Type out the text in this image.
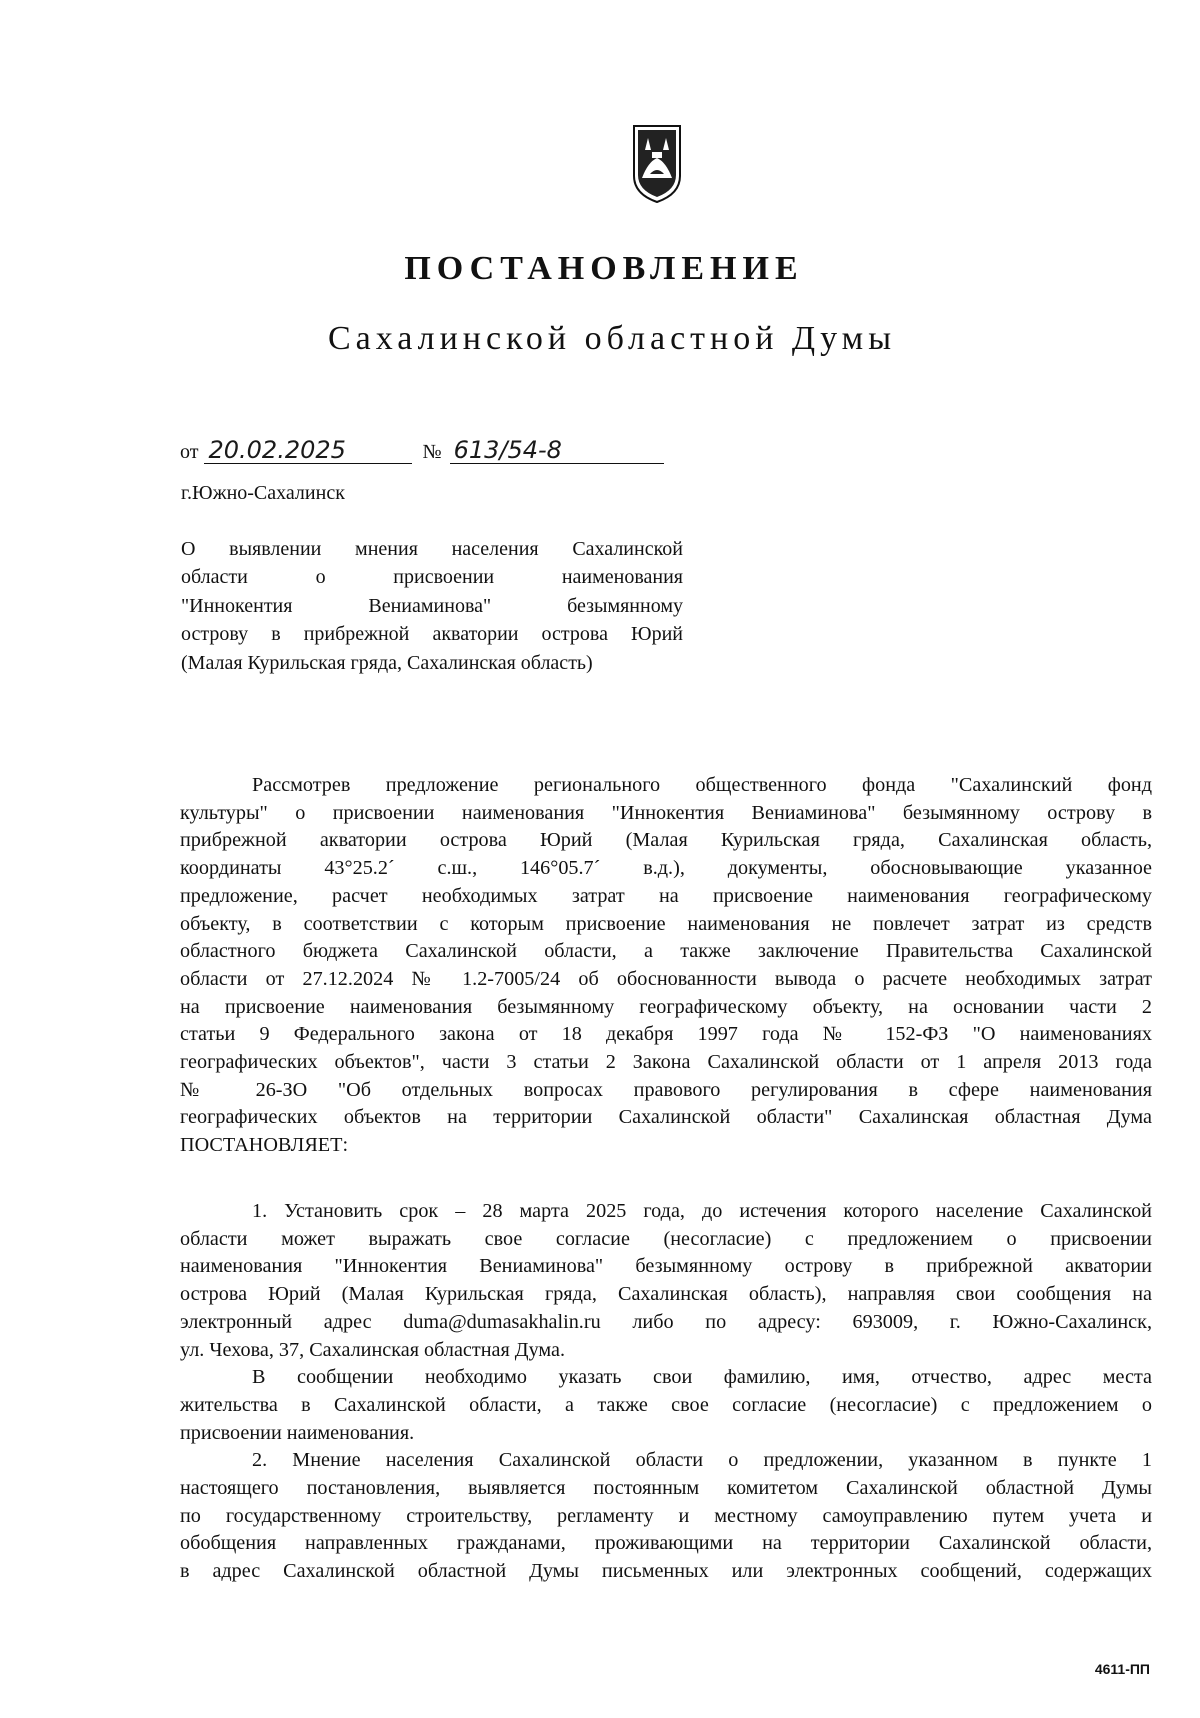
ПОСТАНОВЛЕНИЕ
Сахалинской областной Думы
от 20.02.2025	№ 613/54-8
г.Южно-Сахалинск
О выявлении мнения населения Сахалинской
области о присвоении наименования
"Иннокентия Вениаминова" безымянному
острову в прибрежной акватории острова Юрий
(Малая Курильская гряда, Сахалинская область)
Рассмотрев предложение регионального общественного фонда "Сахалинский фонд
культуры" о присвоении наименования "Иннокентия Вениаминова" безымянному острову в
прибрежной акватории острова Юрий (Малая Курильская гряда, Сахалинская область,
координаты 43°25.2´ с.ш., 146°05.7´ в.д.), документы, обосновывающие указанное
предложение, расчет необходимых затрат на присвоение наименования географическому
объекту, в соответствии с которым присвоение наименования не повлечет затрат из средств
областного бюджета Сахалинской области, а также заключение Правительства Сахалинской
области от 27.12.2024 № 1.2-7005/24 об обоснованности вывода о расчете необходимых затрат
на присвоение наименования безымянному географическому объекту, на основании части 2
статьи 9 Федерального закона от 18 декабря 1997 года № 152-ФЗ "О наименованиях
географических объектов", части 3 статьи 2 Закона Сахалинской области от 1 апреля 2013 года
№ 26-ЗО "Об отдельных вопросах правового регулирования в сфере наименования
географических объектов на территории Сахалинской области" Сахалинская областная Дума
ПОСТАНОВЛЯЕТ:
1. Установить срок – 28 марта 2025 года, до истечения которого население Сахалинской
области может выражать свое согласие (несогласие) с предложением о присвоении
наименования "Иннокентия Вениаминова" безымянному острову в прибрежной акватории
острова Юрий (Малая Курильская гряда, Сахалинская область), направляя свои сообщения на
электронный адрес duma@dumasakhalin.ru либо по адресу: 693009, г. Южно-Сахалинск,
ул. Чехова, 37, Сахалинская областная Дума.
В сообщении необходимо указать свои фамилию, имя, отчество, адрес места
жительства в Сахалинской области, а также свое согласие (несогласие) с предложением о
присвоении наименования.
2. Мнение населения Сахалинской области о предложении, указанном в пункте 1
настоящего постановления, выявляется постоянным комитетом Сахалинской областной Думы
по государственному строительству, регламенту и местному самоуправлению путем учета и
обобщения направленных гражданами, проживающими на территории Сахалинской области,
в адрес Сахалинской областной Думы письменных или электронных сообщений, содержащих
4611-ПП
